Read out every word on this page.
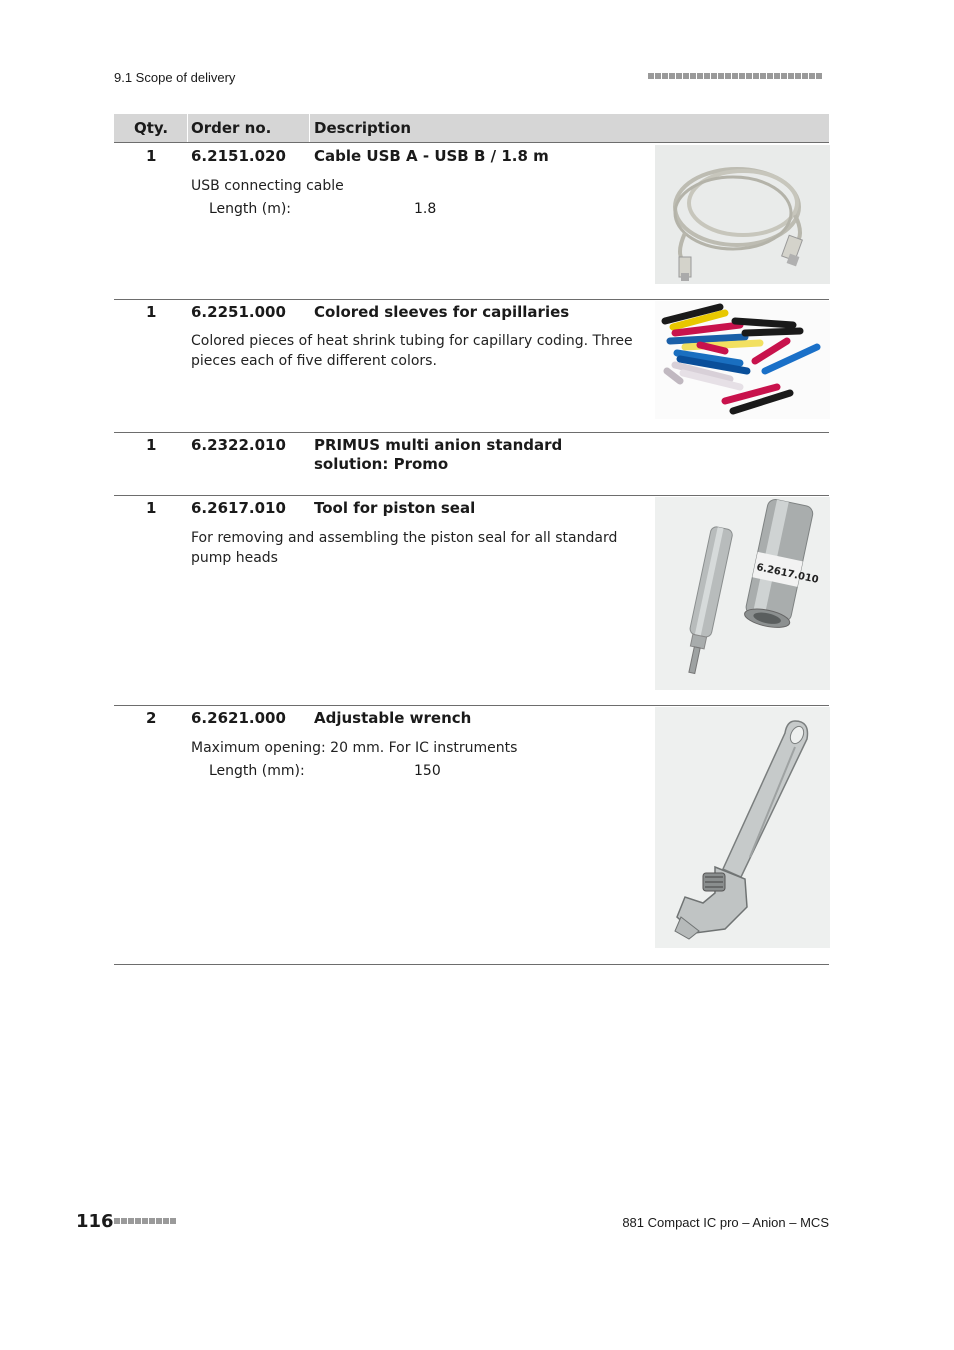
9.1 Scope of delivery
Qty. Order no.	Description
1 6.2151.020 Cable USB A - USB B / 1.8 m
USB connecting cable
Length (m):	1.8
1 6.2251.000 Colored sleeves for capillaries
Colored pieces of heat shrink tubing for capillary coding. Three pieces each of five different colors.
1 6.2322.010 PRIMUS multi anion standard solution: Promo
1 6.2617.010 Tool for piston seal
For removing and assembling the piston seal for all standard pump heads
6.2617.010
2 6.2621.000 Adjustable wrench
Maximum opening: 20 mm. For IC instruments
Length (mm):	150
116	881 Compact IC pro – Anion – MCS
